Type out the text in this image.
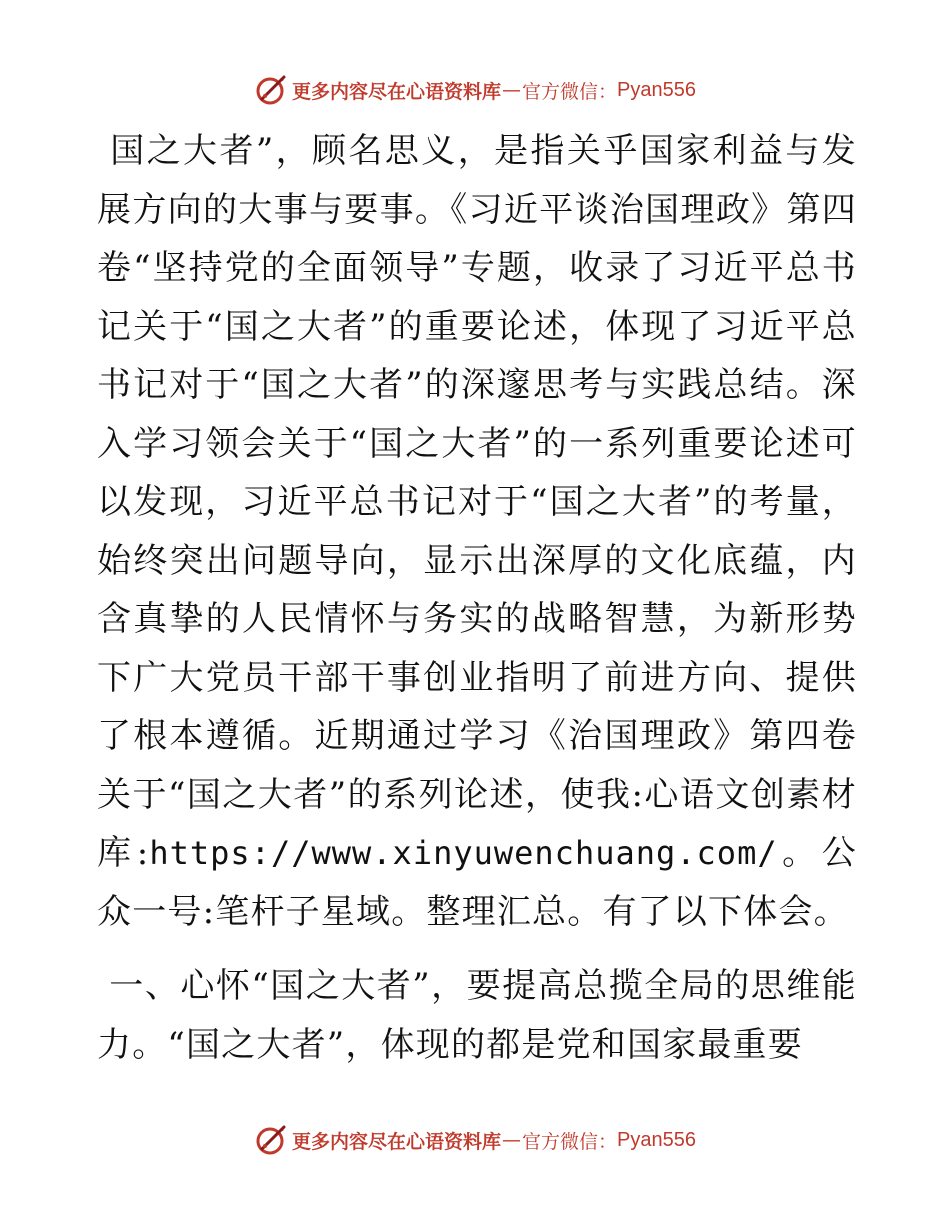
更多内容尽在心语资料库 — 官方微信： Pyan556

国之大者”，顾名思义，是指关乎国家利益与发展方向的大事与要事。《习近平谈治国理政》第四卷“坚持党的全面领导”专题，收录了习近平总书记关于“国之大者”的重要论述，体现了习近平总书记对于“国之大者”的深邃思考与实践总结。深入学习领会关于“国之大者”的一系列重要论述可以发现，习近平总书记对于“国之大者”的考量，始终突出问题导向，显示出深厚的文化底蕴，内含真挚的人民情怀与务实的战略智慧，为新形势下广大党员干部干事创业指明了前进方向、提供了根本遵循。近期通过学习《治国理政》第四卷关于“国之大者”的系列论述，使我:心语文创素材库:https://www.xinyuwenchuang.com/。公众一号:笔杆子星域。整理汇总。有了以下体会。

一、心怀“国之大者”，要提高总揽全局的思维能力。“国之大者”，体现的都是党和国家最重要

更多内容尽在心语资料库 — 官方微信： Pyan556
